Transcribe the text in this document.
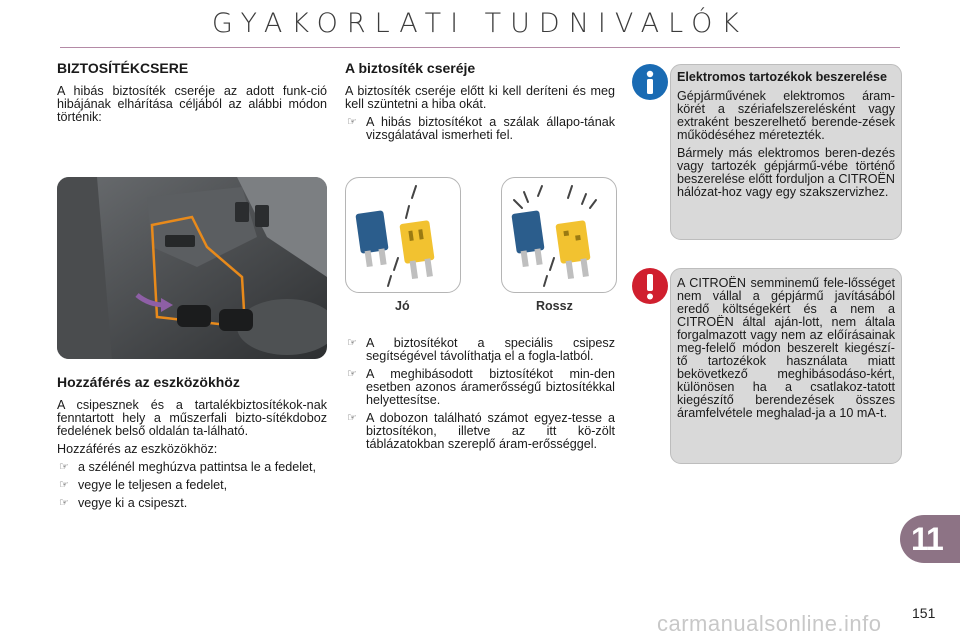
GYAKORLATI TUDNIVALÓK
BIZTOSÍTÉKCSERE

A hibás biztosíték cseréje az adott funk-ció hibájának elhárítása céljából az alábbi módon történik:

Hozzáférés az eszközökhöz

A csipesznek és a tartalékbiztosítékok-nak fenntartott hely a műszerfali bizto-sítékdoboz fedelének belső oldalán ta-lálható.

Hozzáférés az eszközökhöz:

☞ a szélénél meghúzva pattintsa le a fedelet,
☞ vegye le teljesen a fedelet,
☞ vegye ki a csipeszt.
A biztosíték cseréje

A biztosíték cseréje előtt ki kell deríteni és meg kell szüntetni a hiba okát.

☞ A hibás biztosítékot a szálak állapo-tának vizsgálatával ismerheti fel.
Jó	Rossz
☞ A biztosítékot a speciális csipesz segítségével távolíthatja el a fogla-latból.
☞ A meghibásodott biztosítékot min-den esetben azonos áramerősségű biztosítékkal helyettesítse.
☞ A dobozon található számot egyez-tesse a biztosítékon, illetve az itt kö-zölt táblázatokban szereplő áram-erősséggel.

Elektromos tartozékok beszerelése

Gépjárművének elektromos áram-körét a szériafelszerelésként vagy extraként beszerelhető berende-zések működéséhez méretezték.

Bármely más elektromos beren-dezés vagy tartozék gépjármű-vébe történő beszerelése előtt forduljon a CITROËN hálózat-hoz vagy egy szakszervizhez.

A CITROËN semminemű fele-lősséget nem vállal a gépjármű javításából eredő költségekért és a nem a CITROËN által aján-lott, nem általa forgalmazott vagy nem az előírásainak meg-felelő módon beszerelt kiegészí-tő tartozékok használata miatt bekövetkező meghibásodáso-kért, különösen ha a csatlakoz-tatott kiegészítő berendezések összes áramfelvétele meghalad-ja a 10 mA-t.

11
151
carmanualsonline.info
